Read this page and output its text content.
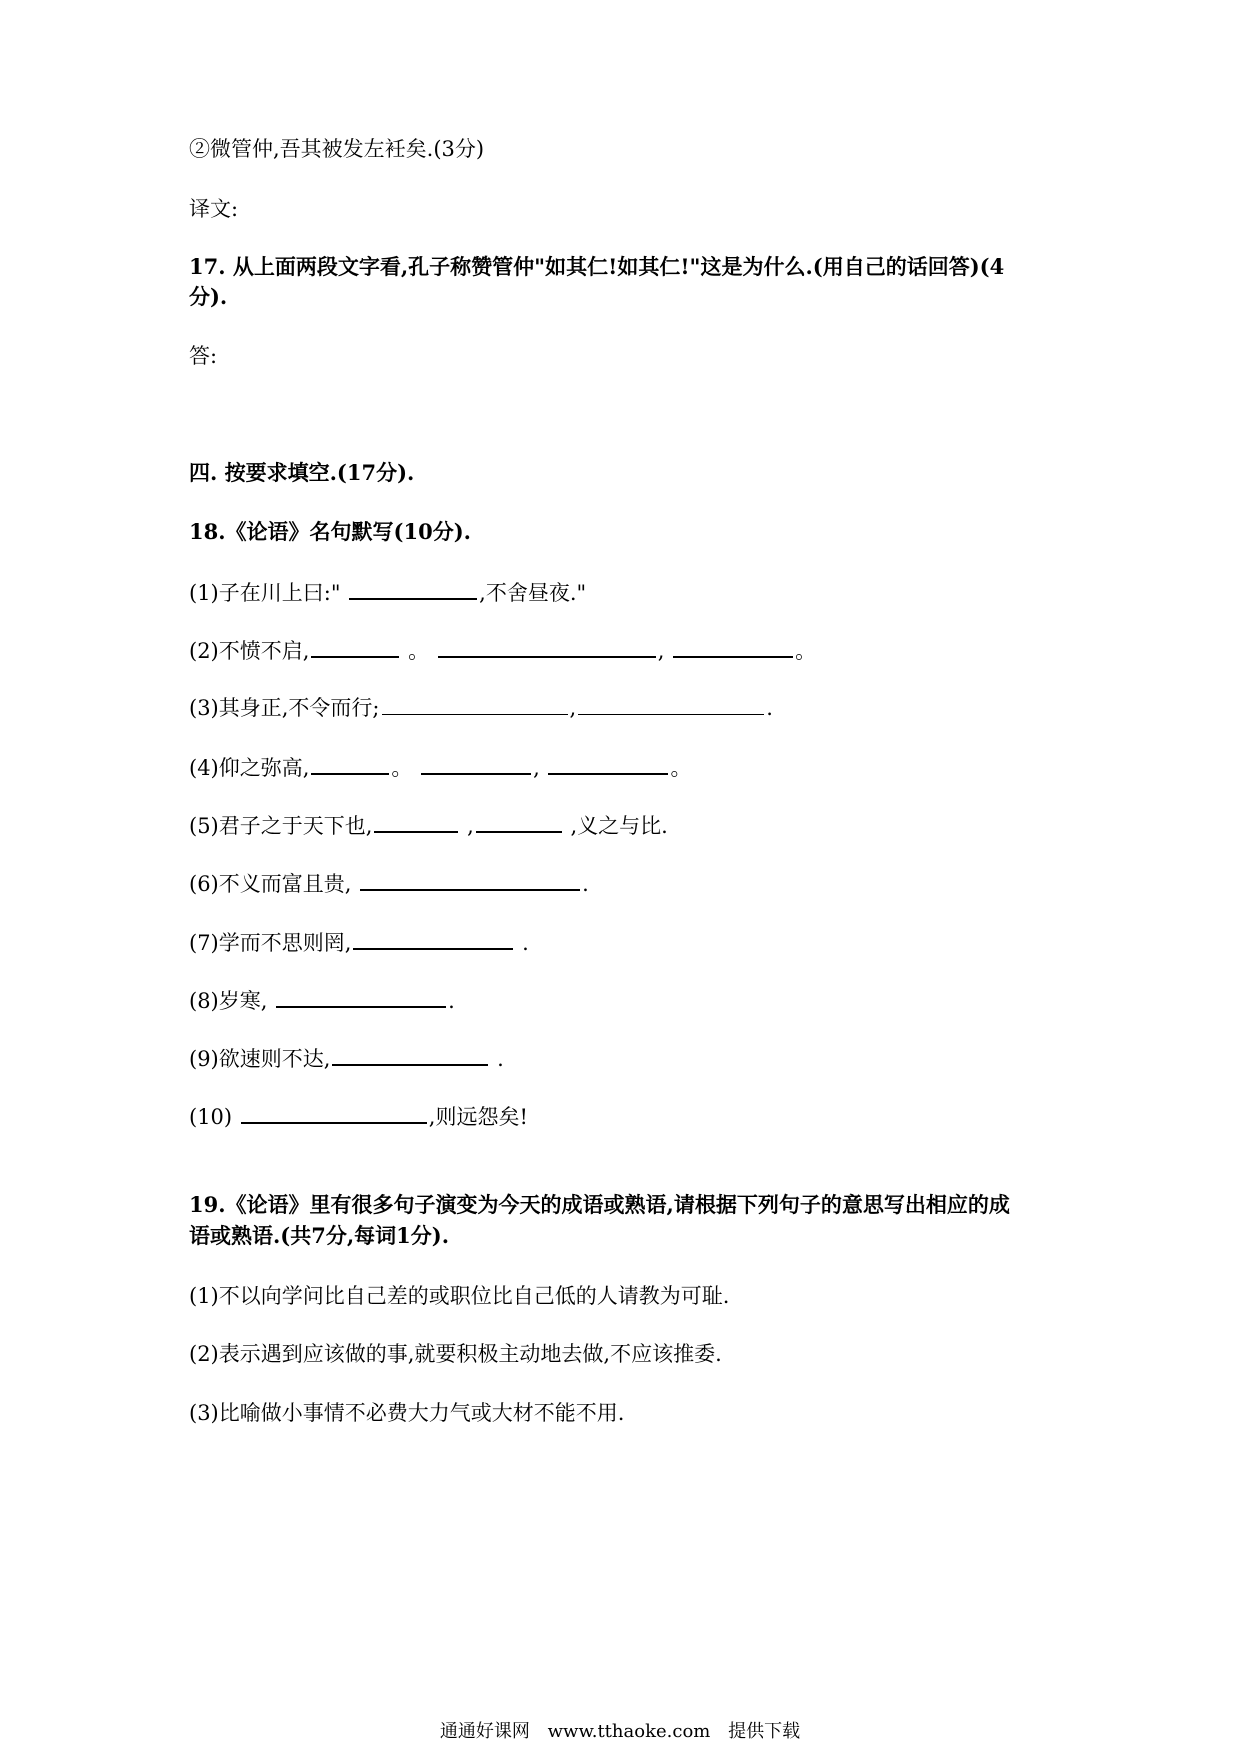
②微管仲,吾其被发左衽矣.(3分)
译文:
17. 从上面两段文字看,孔子称赞管仲"如其仁!如其仁!"这是为什么.(用自己的话回答)(4
分).
答:
四. 按要求填空.(17分).
18.《论语》名句默写(10分).
(1)子在川上曰:"	,不舍昼夜."
(2)不愤不启,	。	,	。
(3)其身正,不令而行;	,	.
(4)仰之弥高,	。	,	。
(5)君子之于天下也,	,	,义之与比.
(6)不义而富且贵,	.
(7)学而不思则罔,	.
(8)岁寒,	.
(9)欲速则不达,	.
(10)	,则远怨矣!
19.《论语》里有很多句子演变为今天的成语或熟语,请根据下列句子的意思写出相应的成
语或熟语.(共7分,每词1分).
(1)不以向学问比自己差的或职位比自己低的人请教为可耻.
(2)表示遇到应该做的事,就要积极主动地去做,不应该推委.
(3)比喻做小事情不必费大力气或大材不能不用.
通通好课网 www.tthaoke.com 提供下载
